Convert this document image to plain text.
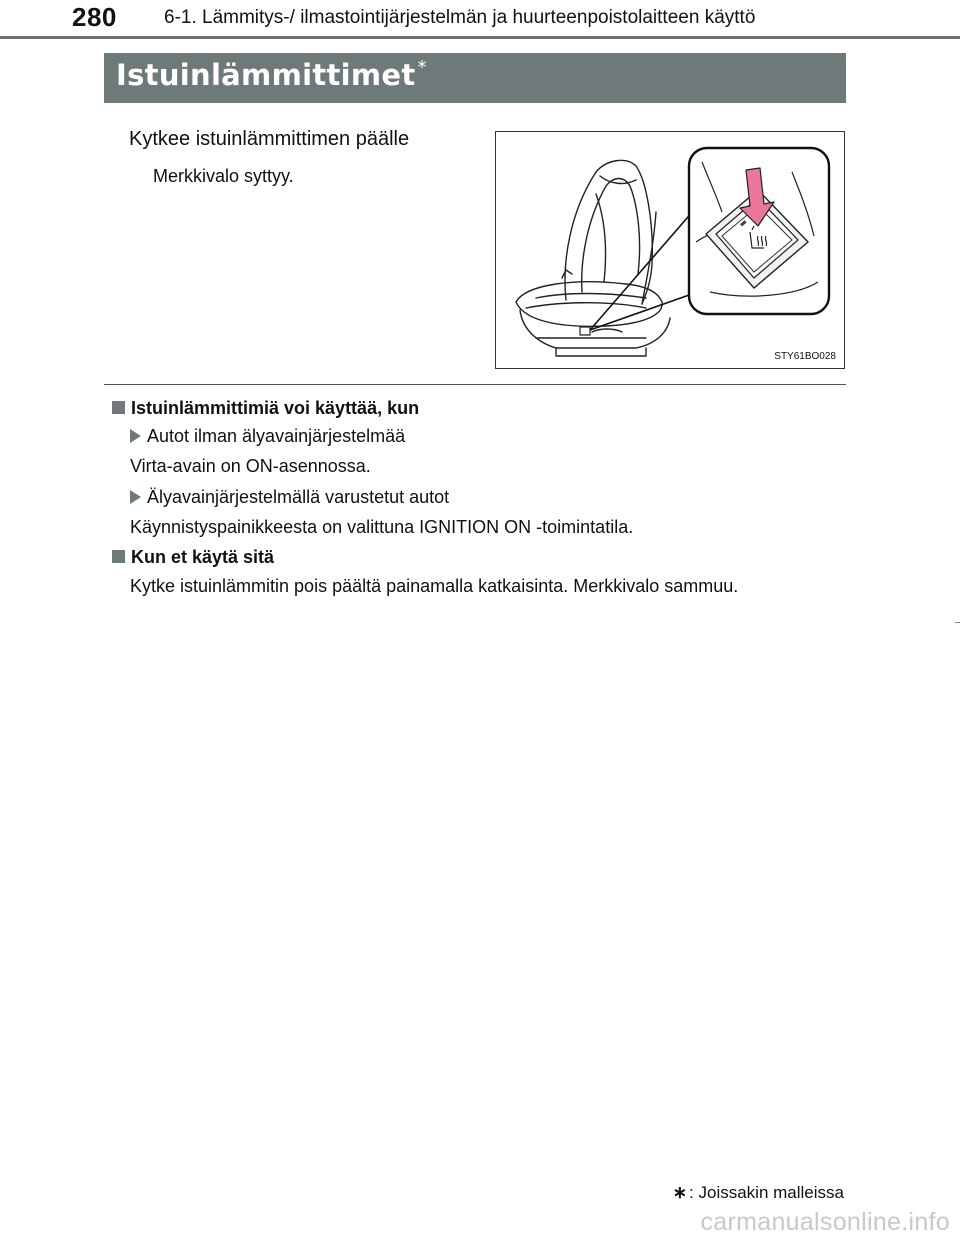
280 6-1. Lämmitys-/ ilmastointijärjestelmän ja huurteenpoistolaitteen käyttö
Istuinlämmittimet *
Kytkee istuinlämmittimen päälle
Merkkivalo syttyy.
STY61BO028
Istuinlämmittimiä voi käyttää, kun
Autot ilman älyavainjärjestelmää
Virta-avain on ON-asennossa.
Älyavainjärjestelmällä varustetut autot
Käynnistyspainikkeesta on valittuna IGNITION ON -toimintatila.
Kun et käytä sitä
Kytke istuinlämmitin pois päältä painamalla katkaisinta. Merkkivalo sammuu.
∗ : Joissakin malleissa
carmanualsonline.info
